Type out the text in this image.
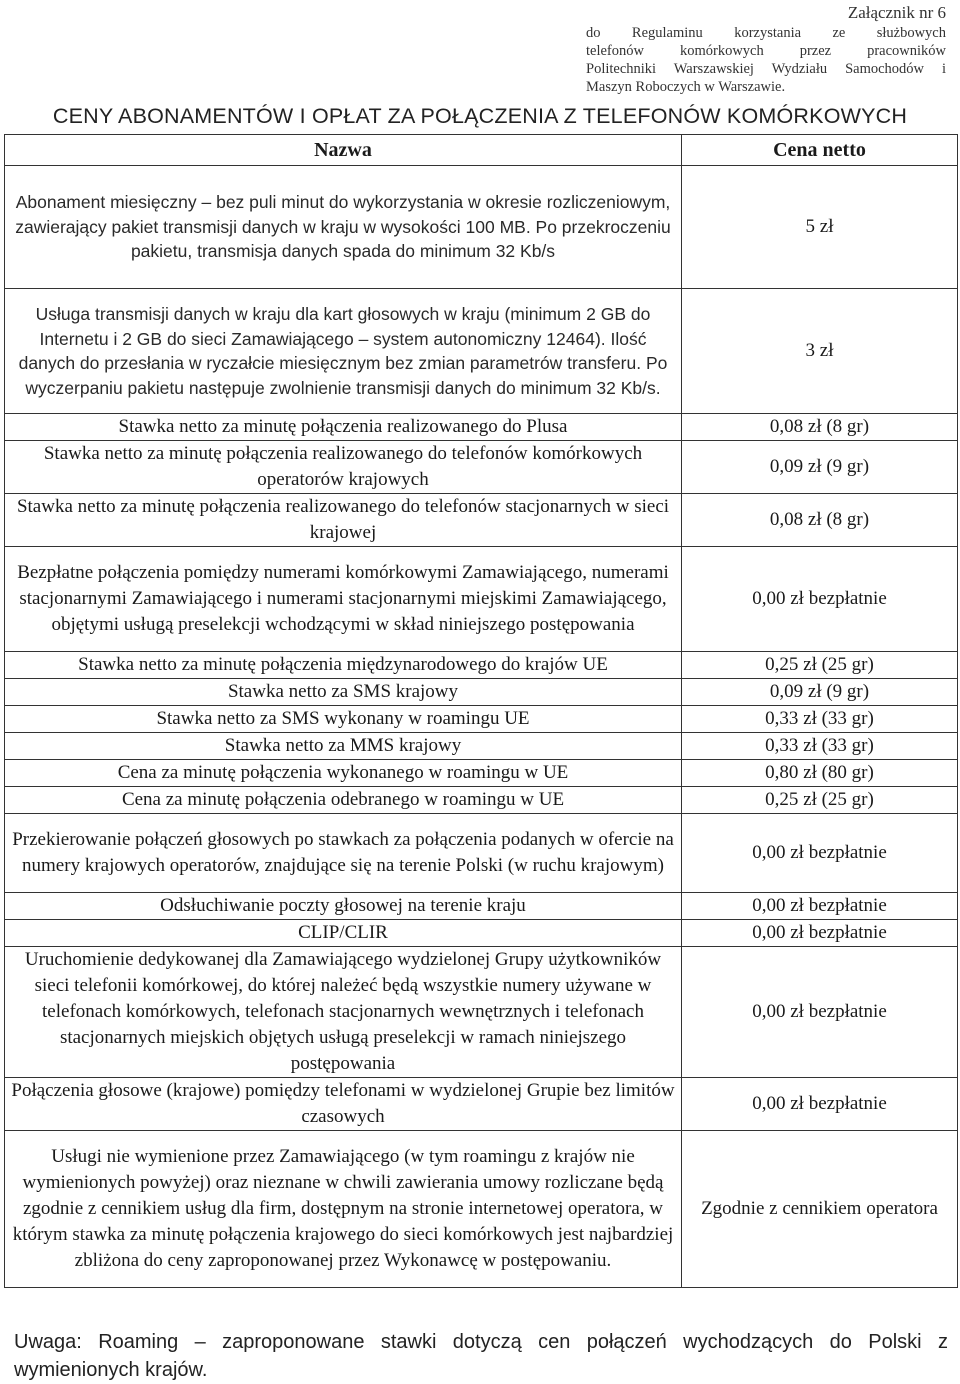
Załącznik nr 6
do Regulaminu korzystania ze służbowych
telefonów komórkowych przez pracowników
Politechniki Warszawskiej Wydziału Samochodów i
Maszyn Roboczych w Warszawie.
CENY ABONAMENTÓW I OPŁAT ZA POŁĄCZENIA Z TELEFONÓW KOMÓRKOWYCH
Nazwa	Cena netto
Abonament miesięczny – bez puli minut do wykorzystania w okresie rozliczeniowym, zawierający pakiet transmisji danych w kraju w wysokości 100 MB. Po przekroczeniu pakietu, transmisja danych spada do minimum 32 Kb/s	5 zł
Usługa transmisji danych w kraju dla kart głosowych w kraju (minimum 2 GB do Internetu i 2 GB do sieci Zamawiającego – system autonomiczny 12464). Ilość danych do przesłania w ryczałcie miesięcznym bez zmian parametrów transferu. Po wyczerpaniu pakietu następuje zwolnienie transmisji danych do minimum 32 Kb/s.	3 zł
Stawka netto za minutę połączenia realizowanego do Plusa	0,08 zł (8 gr)
Stawka netto za minutę połączenia realizowanego do telefonów komórkowych operatorów krajowych	0,09 zł (9 gr)
Stawka netto za minutę połączenia realizowanego do telefonów stacjonarnych w sieci krajowej	0,08 zł (8 gr)
Bezpłatne połączenia pomiędzy numerami komórkowymi Zamawiającego, numerami stacjonarnymi Zamawiającego i numerami stacjonarnymi miejskimi Zamawiającego, objętymi usługą preselekcji wchodzącymi w skład niniejszego postępowania	0,00 zł bezpłatnie
Stawka netto za minutę połączenia międzynarodowego do krajów UE	0,25 zł (25 gr)
Stawka netto za SMS krajowy	0,09 zł (9 gr)
Stawka netto za SMS wykonany w roamingu UE	0,33 zł (33 gr)
Stawka netto za MMS krajowy	0,33 zł (33 gr)
Cena za minutę połączenia wykonanego w roamingu w UE	0,80 zł (80 gr)
Cena za minutę połączenia odebranego w roamingu w UE	0,25 zł (25 gr)
Przekierowanie połączeń głosowych po stawkach za połączenia podanych w ofercie na numery krajowych operatorów, znajdujące się na terenie Polski (w ruchu krajowym)	0,00 zł bezpłatnie
Odsłuchiwanie poczty głosowej na terenie kraju	0,00 zł bezpłatnie
CLIP/CLIR	0,00 zł bezpłatnie
Uruchomienie dedykowanej dla Zamawiającego wydzielonej Grupy użytkowników sieci telefonii komórkowej, do której należeć będą wszystkie numery używane w telefonach komórkowych, telefonach stacjonarnych wewnętrznych i telefonach stacjonarnych miejskich objętych usługą preselekcji w ramach niniejszego postępowania	0,00 zł bezpłatnie
Połączenia głosowe (krajowe) pomiędzy telefonami w wydzielonej Grupie bez limitów czasowych	0,00 zł bezpłatnie
Usługi nie wymienione przez Zamawiającego (w tym roamingu z krajów nie wymienionych powyżej) oraz nieznane w chwili zawierania umowy rozliczane będą zgodnie z cennikiem usług dla firm, dostępnym na stronie internetowej operatora, w którym stawka za minutę połączenia krajowego do sieci komórkowych jest najbardziej zbliżona do ceny zaproponowanej przez Wykonawcę w postępowaniu.	Zgodnie z cennikiem operatora
Uwaga: Roaming – zaproponowane stawki dotyczą cen połączeń wychodzących do Polski z wymienionych krajów.
